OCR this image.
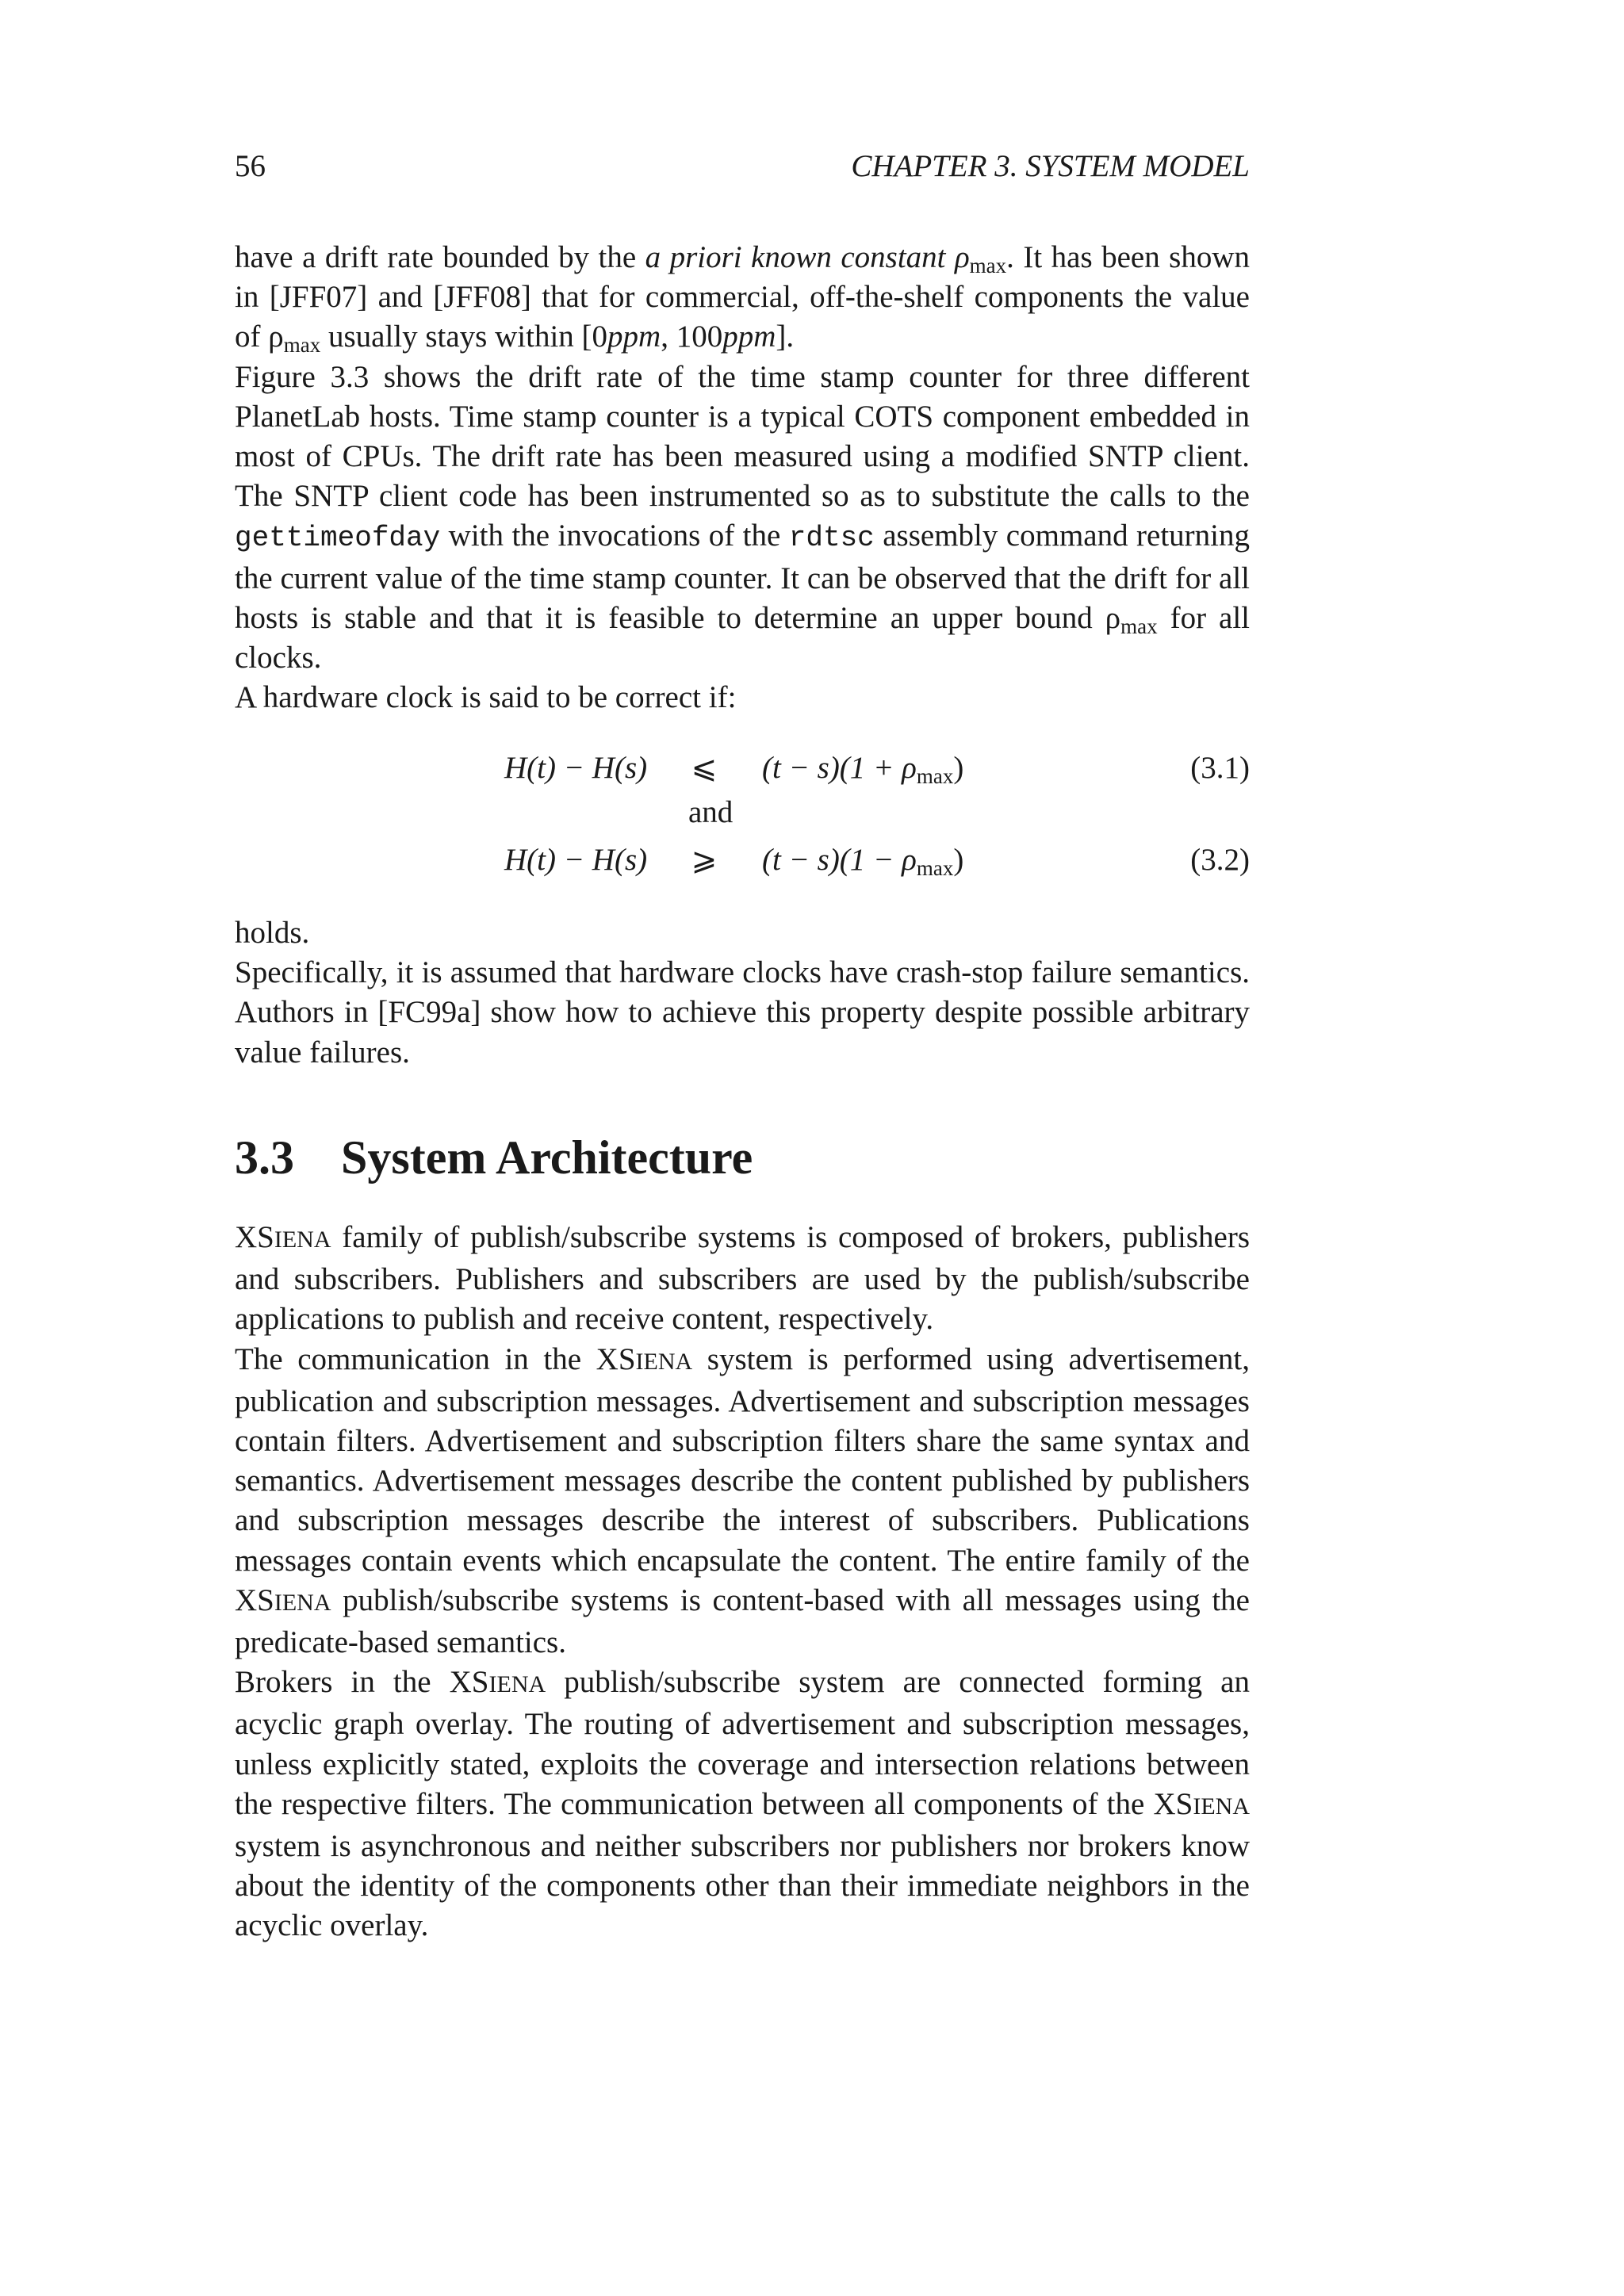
56	CHAPTER 3. SYSTEM MODEL

have a drift rate bounded by the a priori known constant $\rho_{max}$. It has been shown in [JFF07] and [JFF08] that for commercial, off-the-shelf components the value of $\rho_{max}$ usually stays within [0ppm, 100ppm].

Figure 3.3 shows the drift rate of the time stamp counter for three different PlanetLab hosts. Time stamp counter is a typical COTS component embedded in most of CPUs. The drift rate has been measured using a modified SNTP client. The SNTP client code has been instrumented so as to substitute the calls to the gettimeofday with the invocations of the rdtsc assembly command returning the current value of the time stamp counter. It can be observed that the drift for all hosts is stable and that it is feasible to determine an upper bound $\rho_{max}$ for all clocks.

A hardware clock is said to be correct if:

H(t) − H(s) ⩽ $(t - s)(1 + \rho_{max})$	(3.1)
and
H(t) − H(s) ⩾ $(t - s)(1 - \rho_{max})$	(3.2)

holds.

Specifically, it is assumed that hardware clocks have crash-stop failure semantics. Authors in [FC99a] show how to achieve this property despite possible arbitrary value failures.

3.3 System Architecture

XSIENA family of publish/subscribe systems is composed of brokers, publishers and subscribers. Publishers and subscribers are used by the publish/subscribe applications to publish and receive content, respectively.

The communication in the XSIENA system is performed using advertisement, publication and subscription messages. Advertisement and subscription messages contain filters. Advertisement and subscription filters share the same syntax and semantics. Advertisement messages describe the content published by publishers and subscription messages describe the interest of subscribers. Publications messages contain events which encapsulate the content. The entire family of the XSIENA publish/subscribe systems is content-based with all messages using the predicate-based semantics.

Brokers in the XSIENA publish/subscribe system are connected forming an acyclic graph overlay. The routing of advertisement and subscription messages, unless explicitly stated, exploits the coverage and intersection relations between the respective filters. The communication between all components of the XSIENA system is asynchronous and neither subscribers nor publishers nor brokers know about the identity of the components other than their immediate neighbors in the acyclic overlay.
